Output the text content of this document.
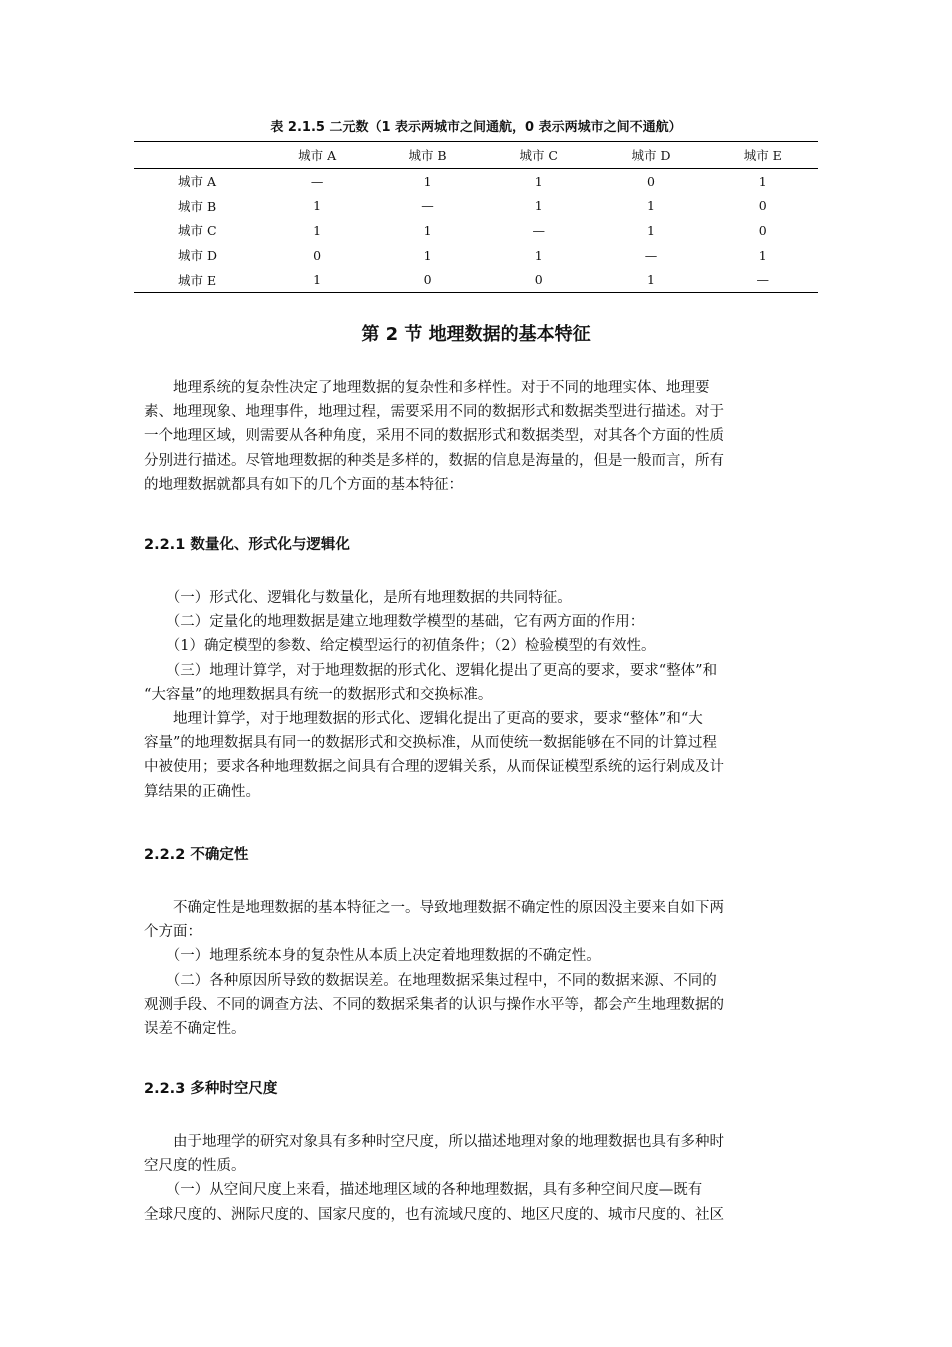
表 2.1.5 二元数（1 表示两城市之间通航，0 表示两城市之间不通航）
	城市 A	城市 B	城市 C	城市 D	城市 E
城市 A	—	1	1	0	1
城市 B	1	—	1	1	0
城市 C	1	1	—	1	0
城市 D	0	1	1	—	1
城市 E	1	0	0	1	—
第 2 节 地理数据的基本特征
　　地理系统的复杂性决定了地理数据的复杂性和多样性。对于不同的地理实体、地理要
素、地理现象、地理事件，地理过程，需要采用不同的数据形式和数据类型进行描述。对于
一个地理区域，则需要从各种角度，采用不同的数据形式和数据类型，对其各个方面的性质
分别进行描述。尽管地理数据的种类是多样的，数据的信息是海量的，但是一般而言，所有
的地理数据就都具有如下的几个方面的基本特征：
2.2.1 数量化、形式化与逻辑化
　　（一）形式化、逻辑化与数量化，是所有地理数据的共同特征。
　　（二）定量化的地理数据是建立地理数学模型的基础，它有两方面的作用：
　　（1）确定模型的参数、给定模型运行的初值条件；（2）检验模型的有效性。
　　（三）地理计算学，对于地理数据的形式化、逻辑化提出了更高的要求，要求“整体”和
“大容量”的地理数据具有统一的数据形式和交换标准。
　　地理计算学，对于地理数据的形式化、逻辑化提出了更高的要求，要求“整体”和“大
容量”的地理数据具有同一的数据形式和交换标准，从而使统一数据能够在不同的计算过程
中被使用；要求各种地理数据之间具有合理的逻辑关系，从而保证模型系统的运行剁成及计
算结果的正确性。
2.2.2 不确定性
　　不确定性是地理数据的基本特征之一。导致地理数据不确定性的原因没主要来自如下两
个方面：
　　（一）地理系统本身的复杂性从本质上决定着地理数据的不确定性。
　　（二）各种原因所导致的数据误差。在地理数据采集过程中，不同的数据来源、不同的
观测手段、不同的调查方法、不同的数据采集者的认识与操作水平等，都会产生地理数据的
误差不确定性。
2.2.3 多种时空尺度
　　由于地理学的研究对象具有多种时空尺度，所以描述地理对象的地理数据也具有多种时
空尺度的性质。
　　（一）从空间尺度上来看，描述地理区域的各种地理数据，具有多种空间尺度—既有
全球尺度的、洲际尺度的、国家尺度的，也有流域尺度的、地区尺度的、城市尺度的、社区
